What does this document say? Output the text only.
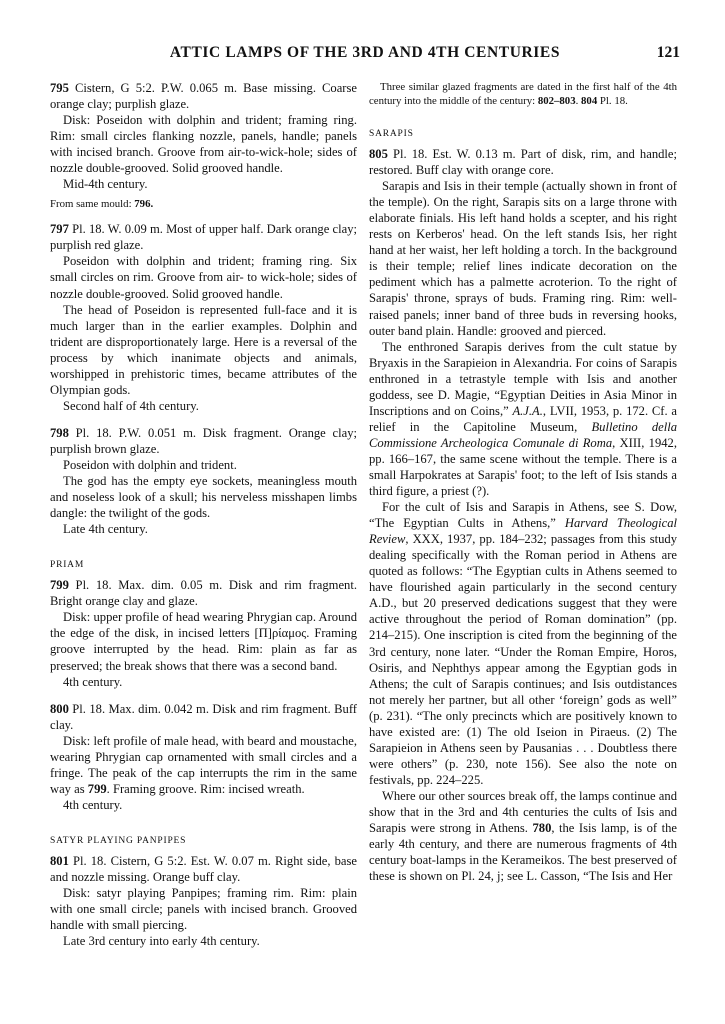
ATTIC LAMPS OF THE 3RD AND 4TH CENTURIES	121

795 Cistern, G 5:2. P.W. 0.065 m. Base missing. Coarse orange clay; purplish glaze.

Disk: Poseidon with dolphin and trident; framing ring. Rim: small circles flanking nozzle, panels, handle; panels with incised branch. Groove from air-to-wick-hole; sides of nozzle double-grooved. Solid grooved handle.

Mid-4th century.

From same mould: 796.

797 Pl. 18. W. 0.09 m. Most of upper half. Dark orange clay; purplish red glaze.

Poseidon with dolphin and trident; framing ring. Six small circles on rim. Groove from air- to wick-hole; sides of nozzle double-grooved. Solid grooved handle.

The head of Poseidon is represented full-face and it is much larger than in the earlier examples. Dolphin and trident are disproportionately large. Here is a reversal of the process by which inanimate objects and animals, worshipped in prehistoric times, became attributes of the Olympian gods.

Second half of 4th century.

798 Pl. 18. P.W. 0.051 m. Disk fragment. Orange clay; purplish brown glaze.

Poseidon with dolphin and trident.

The god has the empty eye sockets, meaningless mouth and noseless look of a skull; his nerveless misshapen limbs dangle: the twilight of the gods.

Late 4th century.

PRIAM

799 Pl. 18. Max. dim. 0.05 m. Disk and rim fragment. Bright orange clay and glaze.

Disk: upper profile of head wearing Phrygian cap. Around the edge of the disk, in incised letters [Π]ρίαμος. Framing groove interrupted by the head. Rim: plain as far as preserved; the break shows that there was a second band.

4th century.

800 Pl. 18. Max. dim. 0.042 m. Disk and rim fragment. Buff clay.

Disk: left profile of male head, with beard and moustache, wearing Phrygian cap ornamented with small circles and a fringe. The peak of the cap interrupts the rim in the same way as 799. Framing groove. Rim: incised wreath.

4th century.

SATYR PLAYING PANPIPES

801 Pl. 18. Cistern, G 5:2. Est. W. 0.07 m. Right side, base and nozzle missing. Orange buff clay.

Disk: satyr playing Panpipes; framing rim. Rim: plain with one small circle; panels with incised branch. Grooved handle with small piercing.

Late 3rd century into early 4th century.

Three similar glazed fragments are dated in the first half of the 4th century into the middle of the century: 802–803. 804 Pl. 18.

SARAPIS

805 Pl. 18. Est. W. 0.13 m. Part of disk, rim, and handle; restored. Buff clay with orange core.

Sarapis and Isis in their temple (actually shown in front of the temple). On the right, Sarapis sits on a large throne with elaborate finials. His left hand holds a scepter, and his right rests on Kerberos' head. On the left stands Isis, her right hand at her waist, her left holding a torch. In the background is their temple; relief lines indicate decoration on the pediment which has a palmette acroterion. To the right of Sarapis' throne, sprays of buds. Framing ring. Rim: well-raised panels; inner band of three buds in reversing hooks, outer band plain. Handle: grooved and pierced.

The enthroned Sarapis derives from the cult statue by Bryaxis in the Sarapieion in Alexandria. For coins of Sarapis enthroned in a tetrastyle temple with Isis and another goddess, see D. Magie, “Egyptian Deities in Asia Minor in Inscriptions and on Coins,” A.J.A., LVII, 1953, p. 172. Cf. a relief in the Capitoline Museum, Bulletino della Commissione Archeologica Comunale di Roma, XIII, 1942, pp. 166–167, the same scene without the temple. There is a small Harpokrates at Sarapis' foot; to the left of Isis stands a third figure, a priest (?).

For the cult of Isis and Sarapis in Athens, see S. Dow, “The Egyptian Cults in Athens,” Harvard Theological Review, XXX, 1937, pp. 184–232; passages from this study dealing specifically with the Roman period in Athens are quoted as follows: “The Egyptian cults in Athens seemed to have flourished again particularly in the second century A.D., but 20 preserved dedications suggest that they were active throughout the period of Roman domination” (pp. 214–215). One inscription is cited from the beginning of the 3rd century, none later. “Under the Roman Empire, Horos, Osiris, and Nephthys appear among the Egyptian gods in Athens; the cult of Sarapis continues; and Isis outdistances not merely her partner, but all other ‘foreign’ gods as well” (p. 231). “The only precincts which are positively known to have existed are: (1) The old Iseion in Piraeus. (2) The Sarapieion in Athens seen by Pausanias . . . Doubtless there were others” (p. 230, note 156). See also the note on festivals, pp. 224–225.

Where our other sources break off, the lamps continue and show that in the 3rd and 4th centuries the cults of Isis and Sarapis were strong in Athens. 780, the Isis lamp, is of the early 4th century, and there are numerous fragments of 4th century boat-lamps in the Kerameikos. The best preserved of these is shown on Pl. 24, j; see L. Casson, “The Isis and Her
